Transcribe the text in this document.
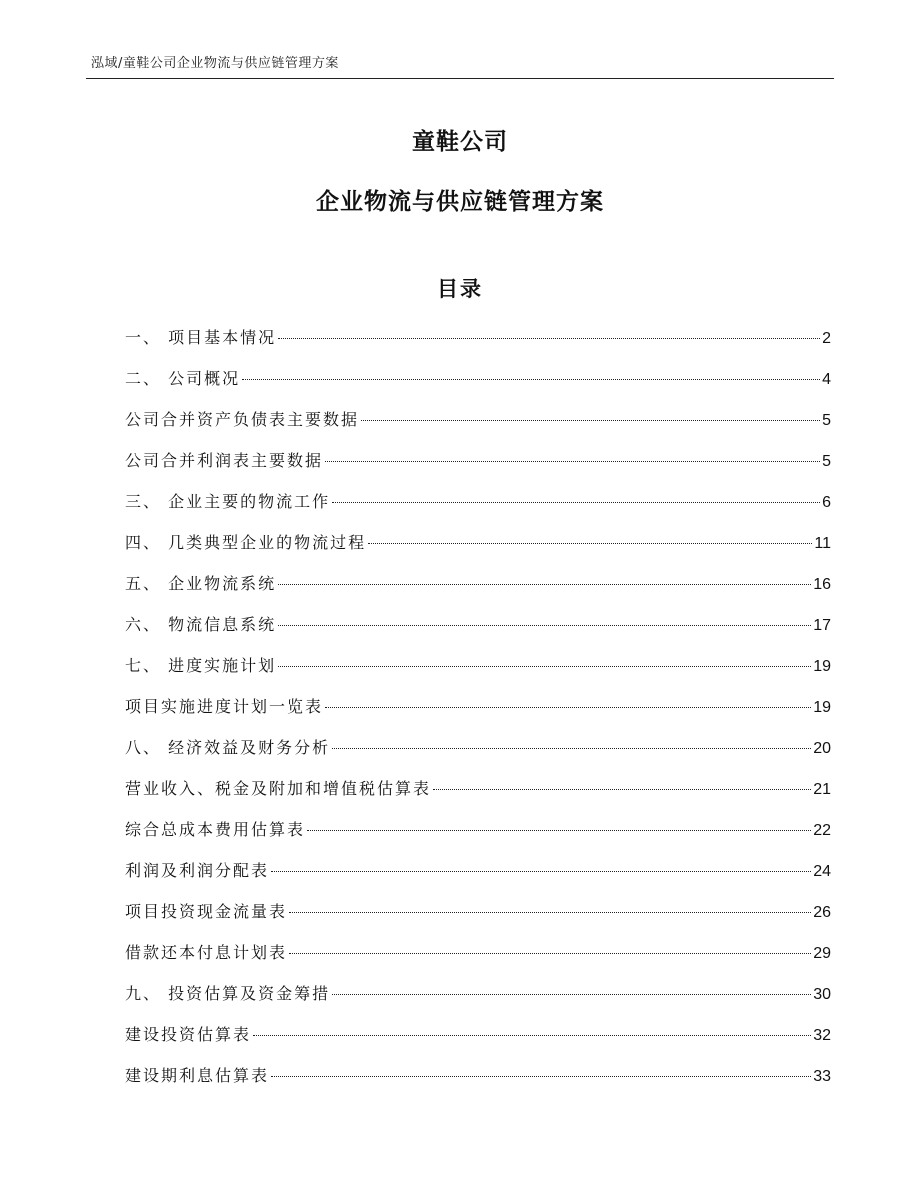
泓域/童鞋公司企业物流与供应链管理方案
童鞋公司
企业物流与供应链管理方案
目录
一、 项目基本情况	2
二、 公司概况	4
公司合并资产负债表主要数据	5
公司合并利润表主要数据	5
三、 企业主要的物流工作	6
四、 几类典型企业的物流过程	11
五、 企业物流系统	16
六、 物流信息系统	17
七、 进度实施计划	19
项目实施进度计划一览表	19
八、 经济效益及财务分析	20
营业收入、税金及附加和增值税估算表	21
综合总成本费用估算表	22
利润及利润分配表	24
项目投资现金流量表	26
借款还本付息计划表	29
九、 投资估算及资金筹措	30
建设投资估算表	32
建设期利息估算表	33
